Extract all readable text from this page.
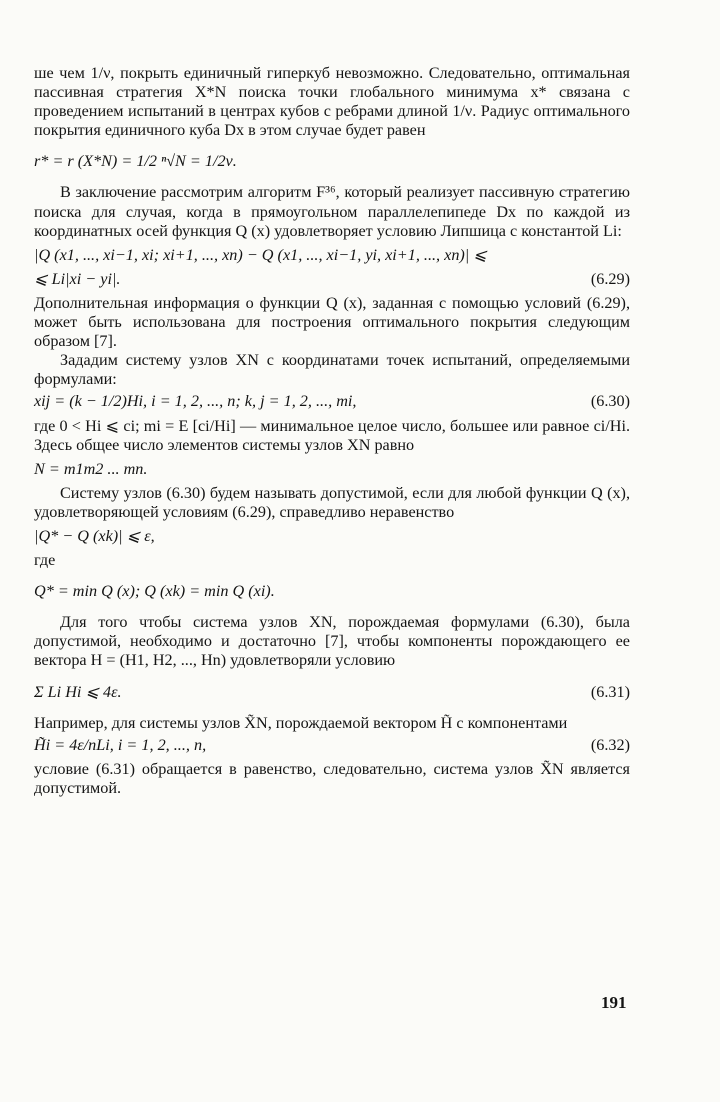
ше чем 1/ν, покрыть единичный гиперкуб невозможно. Следовательно, оптимальная пассивная стратегия X*N поиска точки глобального минимума x* связана с проведением испытаний в центрах кубов с ребрами длиной 1/ν. Радиус оптимального покрытия единичного куба Dx в этом случае будет равен

r* = r (X*N) = 1/2 ⁿ√N = 1/2ν.

В заключение рассмотрим алгоритм F³⁶, который реализует пассивную стратегию поиска для случая, когда в прямоугольном параллелепипеде Dx по каждой из координатных осей функция Q (x) удовлетворяет условию Липшица с константой Li:

|Q (x1, ..., xi−1, xi; xi+1, ..., xn) − Q (x1, ..., xi−1, yi, xi+1, ..., xn)| ⩽
⩽ Li|xi − yi|.	(6.29)

Дополнительная информация о функции Q (x), заданная с помощью условий (6.29), может быть использована для построения оптимального покрытия следующим образом [7].

Зададим систему узлов XN с координатами точек испытаний, определяемыми формулами:

xij = (k − 1/2)Hi, i = 1, 2, ..., n; k, j = 1, 2, ..., mi,	(6.30)

где 0 < Hi ⩽ ci; mi = E [ci/Hi] — минимальное целое число, большее или равное ci/Hi. Здесь общее число элементов системы узлов XN равно

N = m1m2 ... mn.

Систему узлов (6.30) будем называть допустимой, если для любой функции Q (x), удовлетворяющей условиям (6.29), справедливо неравенство

|Q* − Q (xk)| ⩽ ε,

где

Q* = min Q (x); Q (xk) = min Q (xi).

Для того чтобы система узлов XN, порождаемая формулами (6.30), была допустимой, необходимо и достаточно [7], чтобы компоненты порождающего ее вектора H = (H1, H2, ..., Hn) удовлетворяли условию

Σ Li Hi ⩽ 4ε.	(6.31)

Например, для системы узлов X̃N, порождаемой вектором H̃ с компонентами

H̃i = 4ε/nLi, i = 1, 2, ..., n,	(6.32)

условие (6.31) обращается в равенство, следовательно, система узлов X̃N является допустимой.

191
